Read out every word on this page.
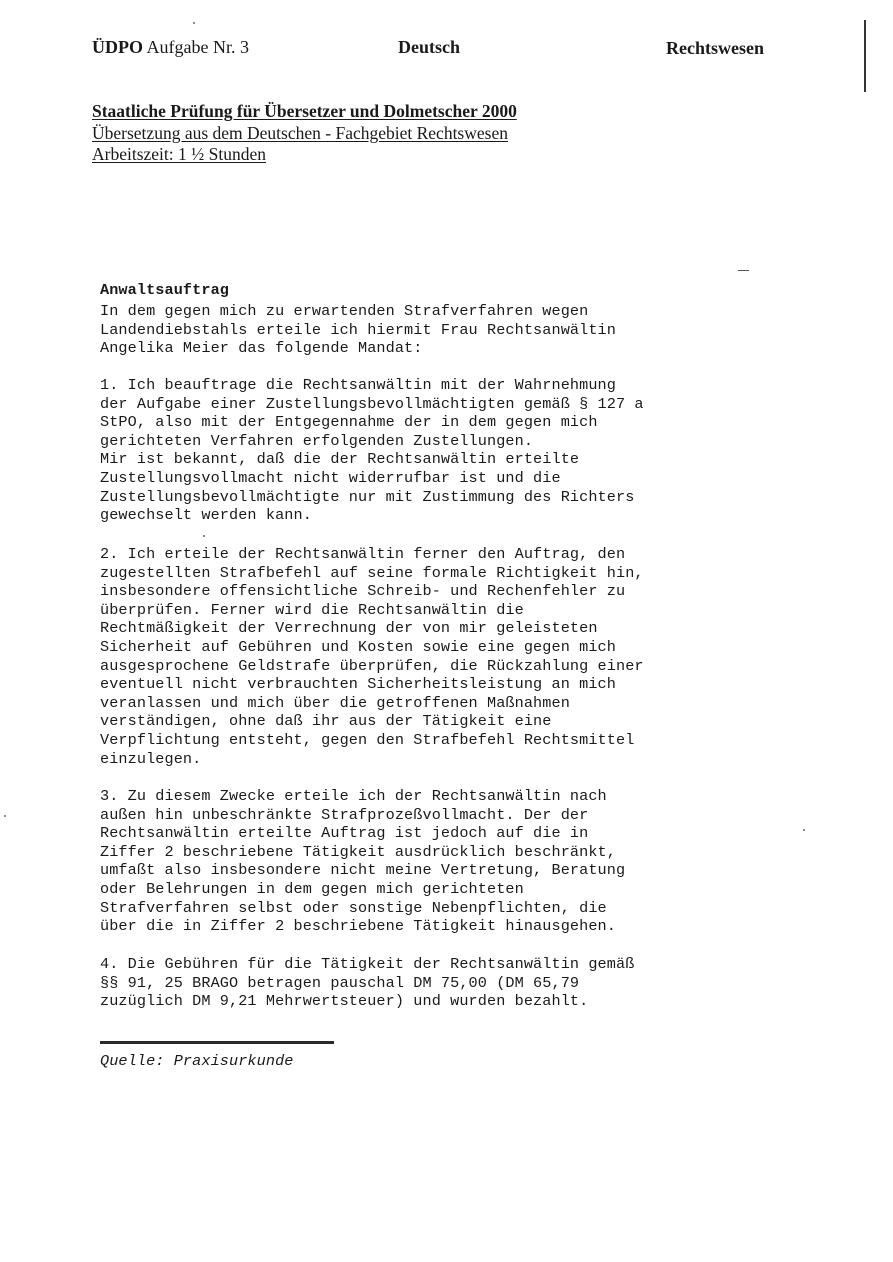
ÜDPO Aufgabe Nr. 3	Deutsch	Rechtswesen
Staatliche Prüfung für Übersetzer und Dolmetscher 2000
Übersetzung aus dem Deutschen - Fachgebiet Rechtswesen
Arbeitszeit: 1 ½ Stunden
Anwaltsauftrag
In dem gegen mich zu erwartenden Strafverfahren wegen
Landendiebstahls erteile ich hiermit Frau Rechtsanwältin
Angelika Meier das folgende Mandat:
1. Ich beauftrage die Rechtsanwältin mit der Wahrnehmung
der Aufgabe einer Zustellungsbevollmächtigten gemäß § 127 a
StPO, also mit der Entgegennahme der in dem gegen mich
gerichteten Verfahren erfolgenden Zustellungen.
Mir ist bekannt, daß die der Rechtsanwältin erteilte
Zustellungsvollmacht nicht widerrufbar ist und die
Zustellungsbevollmächtigte nur mit Zustimmung des Richters
gewechselt werden kann.
2. Ich erteile der Rechtsanwältin ferner den Auftrag, den
zugestellten Strafbefehl auf seine formale Richtigkeit hin,
insbesondere offensichtliche Schreib- und Rechenfehler zu
überprüfen. Ferner wird die Rechtsanwältin die
Rechtmäßigkeit der Verrechnung der von mir geleisteten
Sicherheit auf Gebühren und Kosten sowie eine gegen mich
ausgesprochene Geldstrafe überprüfen, die Rückzahlung einer
eventuell nicht verbrauchten Sicherheitsleistung an mich
veranlassen und mich über die getroffenen Maßnahmen
verständigen, ohne daß ihr aus der Tätigkeit eine
Verpflichtung entsteht, gegen den Strafbefehl Rechtsmittel
einzulegen.
3. Zu diesem Zwecke erteile ich der Rechtsanwältin nach
außen hin unbeschränkte Strafprozeßvollmacht. Der der
Rechtsanwältin erteilte Auftrag ist jedoch auf die in
Ziffer 2 beschriebene Tätigkeit ausdrücklich beschränkt,
umfaßt also insbesondere nicht meine Vertretung, Beratung
oder Belehrungen in dem gegen mich gerichteten
Strafverfahren selbst oder sonstige Nebenpflichten, die
über die in Ziffer 2 beschriebene Tätigkeit hinausgehen.
4. Die Gebühren für die Tätigkeit der Rechtsanwältin gemäß
§§ 91, 25 BRAGO betragen pauschal DM 75,00 (DM 65,79
zuzüglich DM 9,21 Mehrwertsteuer) und wurden bezahlt.
Quelle: Praxisurkunde
